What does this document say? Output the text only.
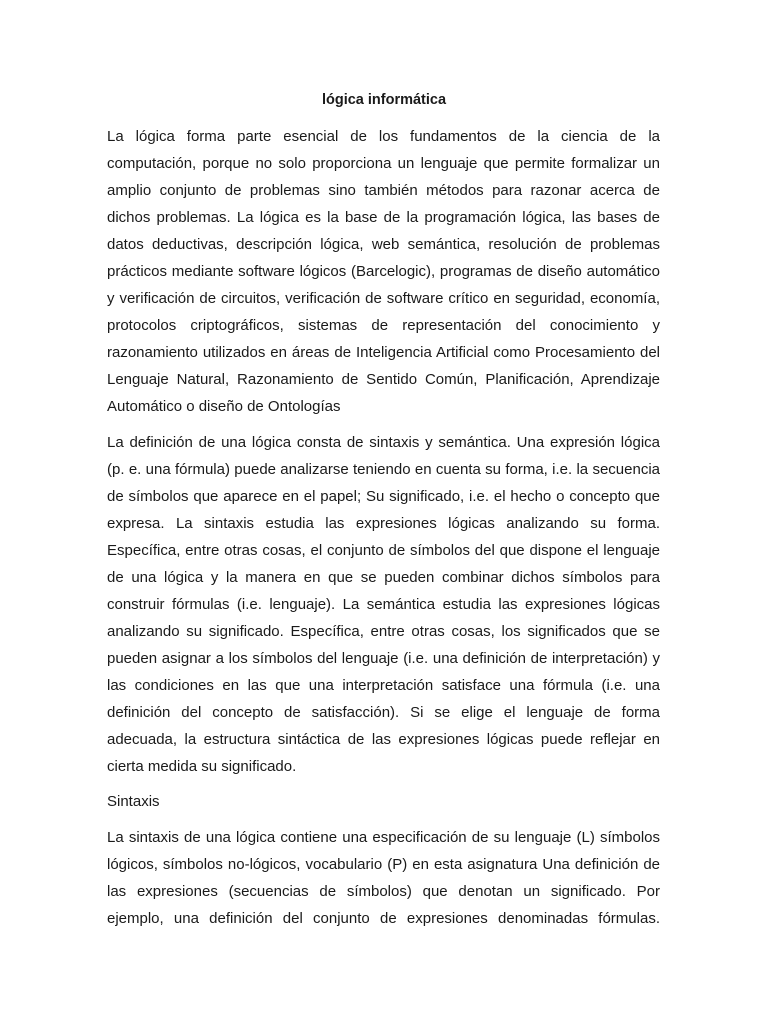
lógica informática
La lógica forma parte esencial de los fundamentos de la ciencia de la
computación, porque no solo proporciona un lenguaje que permite formalizar un
amplio conjunto de problemas sino también métodos para razonar acerca de
dichos problemas. La lógica es la base de la programación lógica, las bases de
datos deductivas, descripción lógica, web semántica, resolución de problemas
prácticos mediante software lógicos (Barcelogic), programas de diseño automático
y verificación de circuitos, verificación de software crítico en seguridad, economía,
protocolos criptográficos, sistemas de representación del conocimiento y
razonamiento utilizados en áreas de Inteligencia Artificial como Procesamiento del
Lenguaje Natural, Razonamiento de Sentido Común, Planificación, Aprendizaje
Automático o diseño de Ontologías
La definición de una lógica consta de sintaxis y semántica. Una expresión lógica
(p. e. una fórmula) puede analizarse teniendo en cuenta su forma, i.e. la secuencia
de símbolos que aparece en el papel; Su significado, i.e. el hecho o concepto que
expresa. La sintaxis estudia las expresiones lógicas analizando su forma.
Específica, entre otras cosas, el conjunto de símbolos del que dispone el lenguaje
de una lógica y la manera en que se pueden combinar dichos símbolos para
construir fórmulas (i.e. lenguaje). La semántica estudia las expresiones lógicas
analizando su significado. Específica, entre otras cosas, los significados que se
pueden asignar a los símbolos del lenguaje (i.e. una definición de interpretación) y
las condiciones en las que una interpretación satisface una fórmula (i.e. una
definición del concepto de satisfacción). Si se elige el lenguaje de forma
adecuada, la estructura sintáctica de las expresiones lógicas puede reflejar en
cierta medida su significado.
Sintaxis
La sintaxis de una lógica contiene una especificación de su lenguaje (L) símbolos
lógicos, símbolos no-lógicos, vocabulario (P) en esta asignatura Una definición de
las expresiones (secuencias de símbolos) que denotan un significado. Por
ejemplo, una definición del conjunto de expresiones denominadas fórmulas.
